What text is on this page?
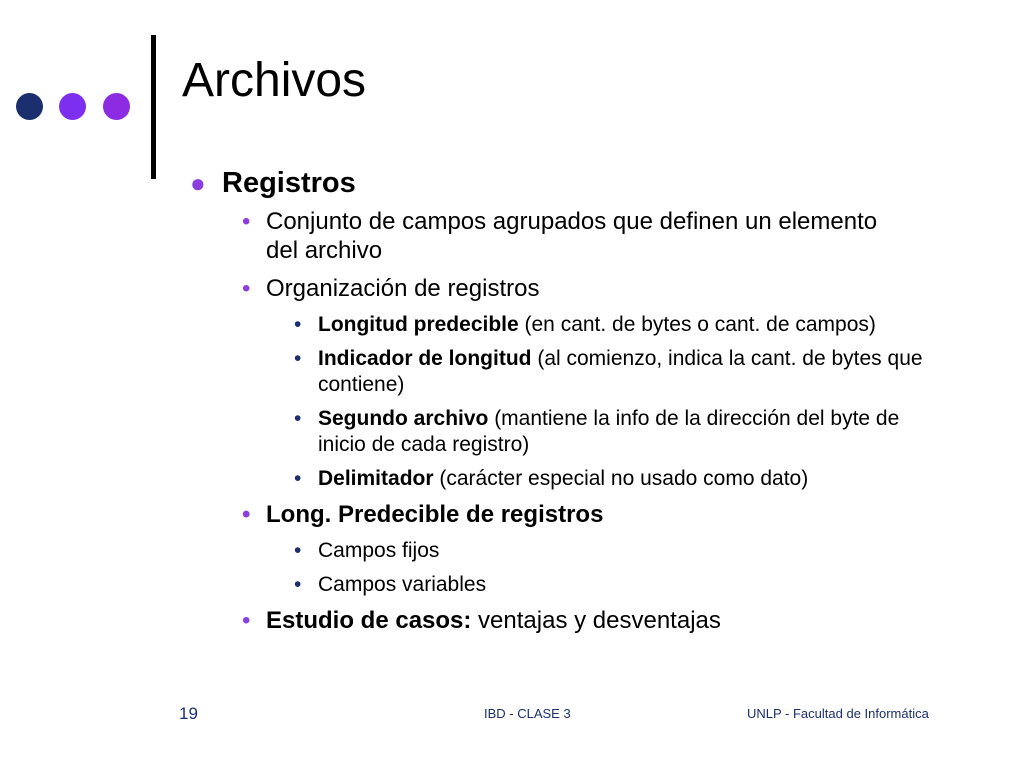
Archivos
● Registros
• Conjunto de campos agrupados que definen un elemento del archivo
• Organización de registros
• Longitud predecible (en cant. de bytes o cant. de campos)
• Indicador de longitud (al comienzo, indica la cant. de bytes que contiene)
• Segundo archivo (mantiene la info de la dirección del byte de inicio de cada registro)
• Delimitador (carácter especial no usado como dato)
• Long. Predecible de registros
• Campos fijos
• Campos variables
• Estudio de casos: ventajas y desventajas
19	IBD - CLASE 3	UNLP - Facultad de Informática
